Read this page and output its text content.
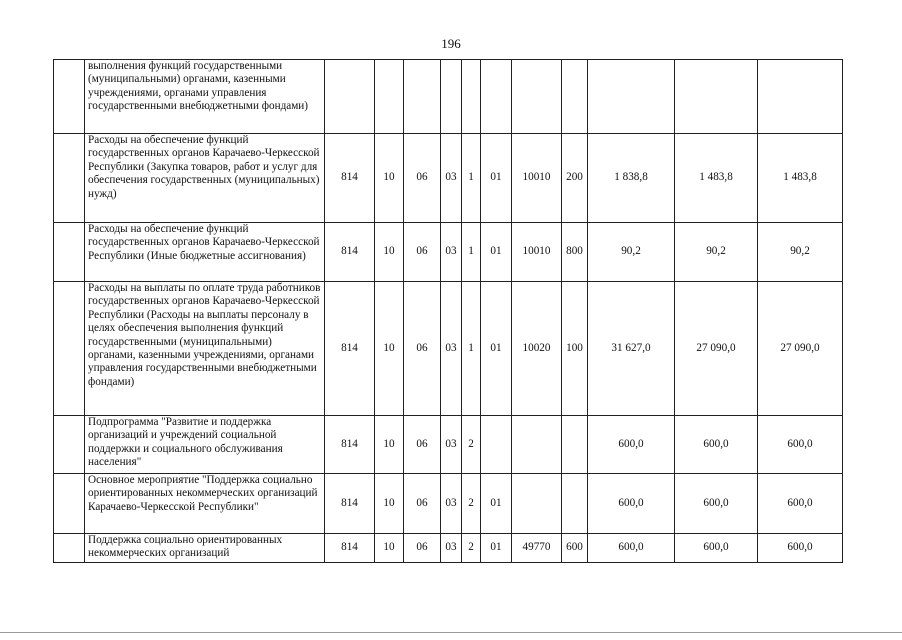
196
	выполнения функций государственными (муниципальными) органами, казенными учреждениями, органами управления государственными внебюджетными фондами)											
	Расходы на обеспечение функций государственных органов Карачаево-Черкесской Республики (Закупка товаров, работ и услуг для обеспечения государственных (муниципальных) нужд)	814	10	06	03	1	01	10010	200	1 838,8	1 483,8	1 483,8
	Расходы на обеспечение функций государственных органов Карачаево-Черкесской Республики (Иные бюджетные ассигнования)	814	10	06	03	1	01	10010	800	90,2	90,2	90,2
	Расходы на выплаты по оплате труда работников государственных органов Карачаево-Черкесской Республики (Расходы на выплаты персоналу в целях обеспечения выполнения функций государственными (муниципальными) органами, казенными учреждениями, органами управления государственными внебюджетными фондами)	814	10	06	03	1	01	10020	100	31 627,0	27 090,0	27 090,0
	Подпрограмма "Развитие и поддержка организаций и учреждений социальной поддержки и социального обслуживания населения"	814	10	06	03	2				600,0	600,0	600,0
	Основное мероприятие "Поддержка социально ориентированных некоммерческих организаций Карачаево-Черкесской Республики"	814	10	06	03	2	01			600,0	600,0	600,0
	Поддержка социально ориентированных некоммерческих организаций	814	10	06	03	2	01	49770	600	600,0	600,0	600,0
